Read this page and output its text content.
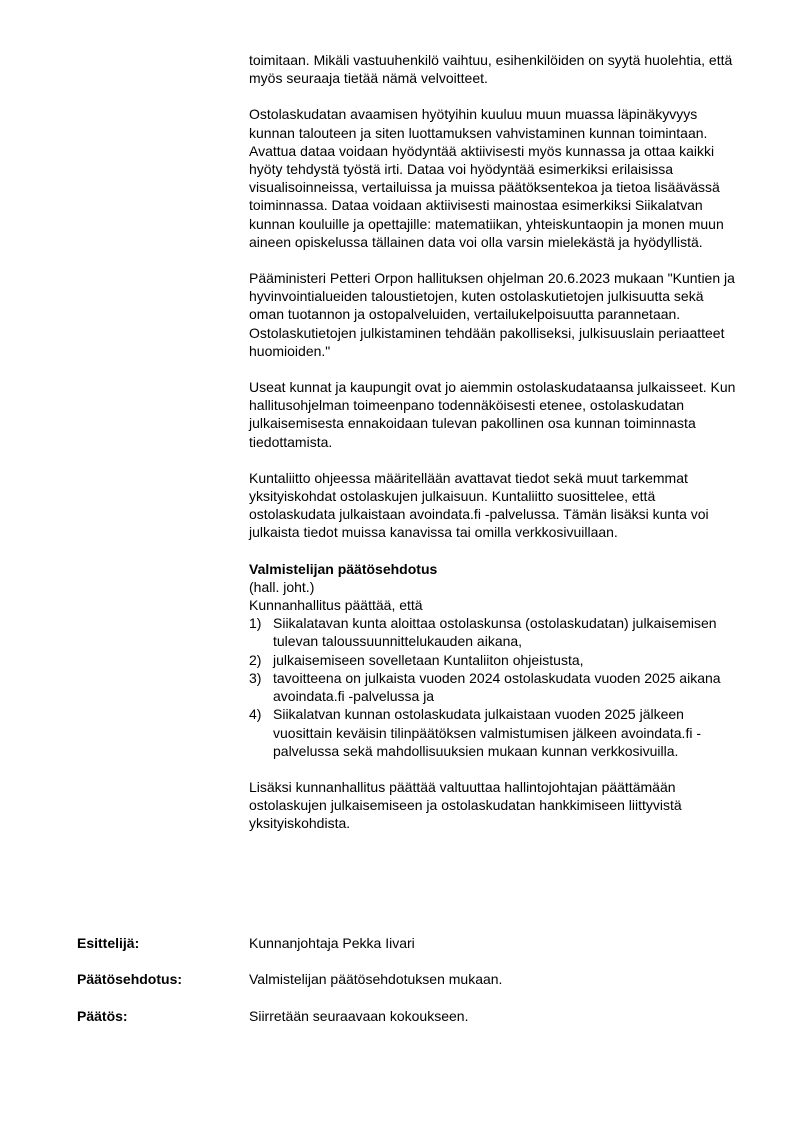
toimitaan. Mikäli vastuuhenkilö vaihtuu, esihenkilöiden on syytä huolehtia, että myös seuraaja tietää nämä velvoitteet.

Ostolaskudatan avaamisen hyötyihin kuuluu muun muassa läpinäkyvyys kunnan talouteen ja siten luottamuksen vahvistaminen kunnan toimintaan. Avattua dataa voidaan hyödyntää aktiivisesti myös kunnassa ja ottaa kaikki hyöty tehdystä työstä irti. Dataa voi hyödyntää esimerkiksi erilaisissa visualisoinneissa, vertailuissa ja muissa päätöksentekoa ja tietoa lisäävässä toiminnassa. Dataa voidaan aktiivisesti mainostaa esimerkiksi Siikalatvan kunnan kouluille ja opettajille: matematiikan, yhteiskuntaopin ja monen muun aineen opiskelussa tällainen data voi olla varsin mielekästä ja hyödyllistä.

Pääministeri Petteri Orpon hallituksen ohjelman 20.6.2023 mukaan "Kuntien ja hyvinvointialueiden taloustietojen, kuten ostolaskutietojen julkisuutta sekä oman tuotannon ja ostopalveluiden, vertailukelpoisuutta parannetaan. Ostolaskutietojen julkistaminen tehdään pakolliseksi, julkisuuslain periaatteet huomioiden."

Useat kunnat ja kaupungit ovat jo aiemmin ostolaskudataansa julkaisseet. Kun hallitusohjelman toimeenpano todennäköisesti etenee, ostolaskudatan julkaisemisesta ennakoidaan tulevan pakollinen osa kunnan toiminnasta tiedottamista.

Kuntaliitto ohjeessa määritellään avattavat tiedot sekä muut tarkemmat yksityiskohdat ostolaskujen julkaisuun. Kuntaliitto suosittelee, että ostolaskudata julkaistaan avoindata.fi -palvelussa. Tämän lisäksi kunta voi julkaista tiedot muissa kanavissa tai omilla verkkosivuillaan.

Valmistelijan päätösehdotus

(hall. joht.)

Kunnanhallitus päättää, että

1) Siikalatavan kunta aloittaa ostolaskunsa (ostolaskudatan) julkaisemisen tulevan taloussuunnittelukauden aikana,
2) julkaisemiseen sovelletaan Kuntaliiton ohjeistusta,
3) tavoitteena on julkaista vuoden 2024 ostolaskudata vuoden 2025 aikana avoindata.fi -palvelussa ja
4) Siikalatvan kunnan ostolaskudata julkaistaan vuoden 2025 jälkeen vuosittain keväisin tilinpäätöksen valmistumisen jälkeen avoindata.fi -palvelussa sekä mahdollisuuksien mukaan kunnan verkkosivuilla.

Lisäksi kunnanhallitus päättää valtuuttaa hallintojohtajan päättämään ostolaskujen julkaisemiseen ja ostolaskudatan hankkimiseen liittyvistä yksityiskohdista.

Esittelijä:	Kunnanjohtaja Pekka Iivari
Päätösehdotus:	Valmistelijan päätösehdotuksen mukaan.
Päätös:	Siirretään seuraavaan kokoukseen.
